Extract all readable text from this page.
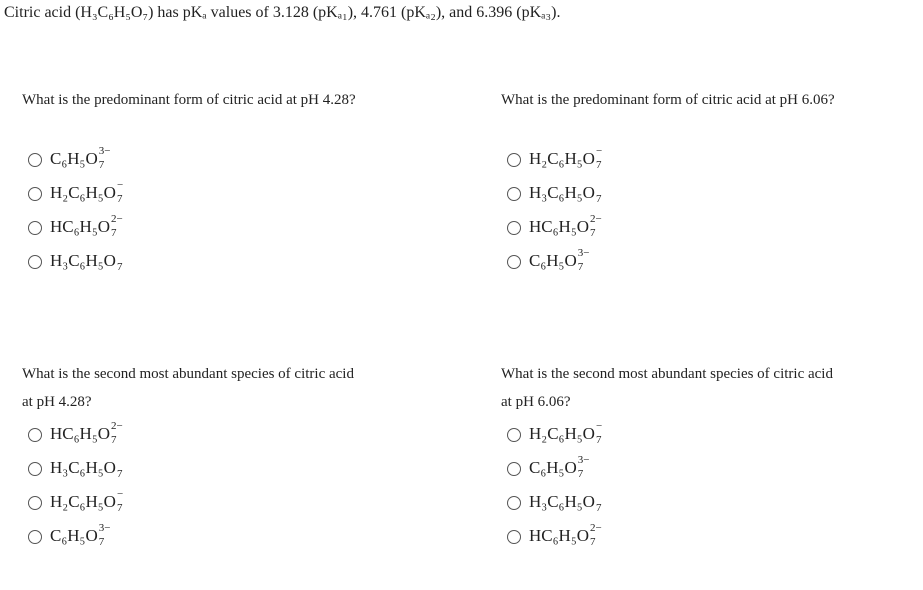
Citric acid (H₃C₆H₅O₇) has pKₐ values of 3.128 (pKₐ₁), 4.761 (pKₐ₂), and 6.396 (pKₐ₃).
What is the predominant form of citric acid at pH 4.28?
C₆H₅O 3−
7
H₂C₆H₅O −
7
HC₆H₅O 2−
7
H₃C₆H₅O 7
What is the predominant form of citric acid at pH 6.06?
H₂C₆H₅O −
7
H₃C₆H₅O 7
HC₆H₅O 2−
7
C₆H₅O 3−
7
What is the second most abundant species of citric acid
at pH 4.28?
HC₆H₅O 2−
7
H₃C₆H₅O 7
H₂C₆H₅O −
7
C₆H₅O 3−
7
What is the second most abundant species of citric acid
at pH 6.06?
H₂C₆H₅O −
7
C₆H₅O 3−
7
H₃C₆H₅O 7
HC₆H₅O 2−
7
